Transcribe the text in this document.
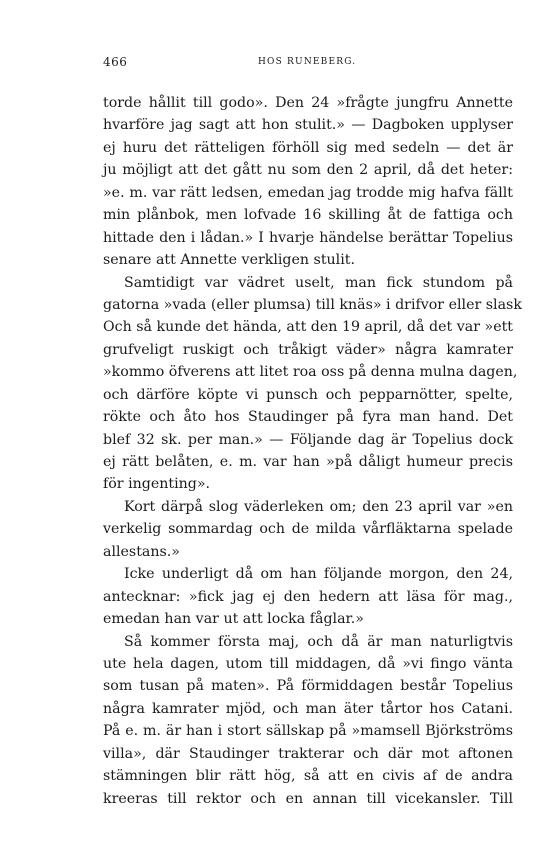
466	HOS RUNEBERG.
torde hållit till godo». Den 24 »frågte jungfru Annette
hvarföre jag sagt att hon stulit.» — Dagboken upplyser
ej huru det rätteligen förhöll sig med sedeln — det är
ju möjligt att det gått nu som den 2 april, då det heter:
»e. m. var rätt ledsen, emedan jag trodde mig hafva fällt
min plånbok, men lofvade 16 skilling åt de fattiga och
hittade den i lådan.» I hvarje händelse berättar Topelius
senare att Annette verkligen stulit.
Samtidigt var vädret uselt, man fick stundom på
gatorna »vada (eller plumsa) till knäs» i drifvor eller slask
Och så kunde det hända, att den 19 april, då det var »ett
grufveligt ruskigt och tråkigt väder» några kamrater
»kommo öfverens att litet roa oss på denna mulna dagen,
och därföre köpte vi punsch och pepparnötter, spelte,
rökte och åto hos Staudinger på fyra man hand. Det
blef 32 sk. per man.» — Följande dag är Topelius dock
ej rätt belåten, e. m. var han »på dåligt humeur precis
för ingenting».
Kort därpå slog väderleken om; den 23 april var »en
verkelig sommardag och de milda vårfläktarna spelade
allestans.»
Icke underligt då om han följande morgon, den 24,
antecknar: »fick jag ej den hedern att läsa för mag.,
emedan han var ut att locka fåglar.»
Så kommer första maj, och då är man naturligtvis
ute hela dagen, utom till middagen, då »vi fingo vänta
som tusan på maten». På förmiddagen består Topelius
några kamrater mjöd, och man äter tårtor hos Catani.
På e. m. är han i stort sällskap på »mamsell Björkströms
villa», där Staudinger trakterar och där mot aftonen
stämningen blir rätt hög, så att en civis af de andra
kreeras till rektor och en annan till vicekansler. Till
